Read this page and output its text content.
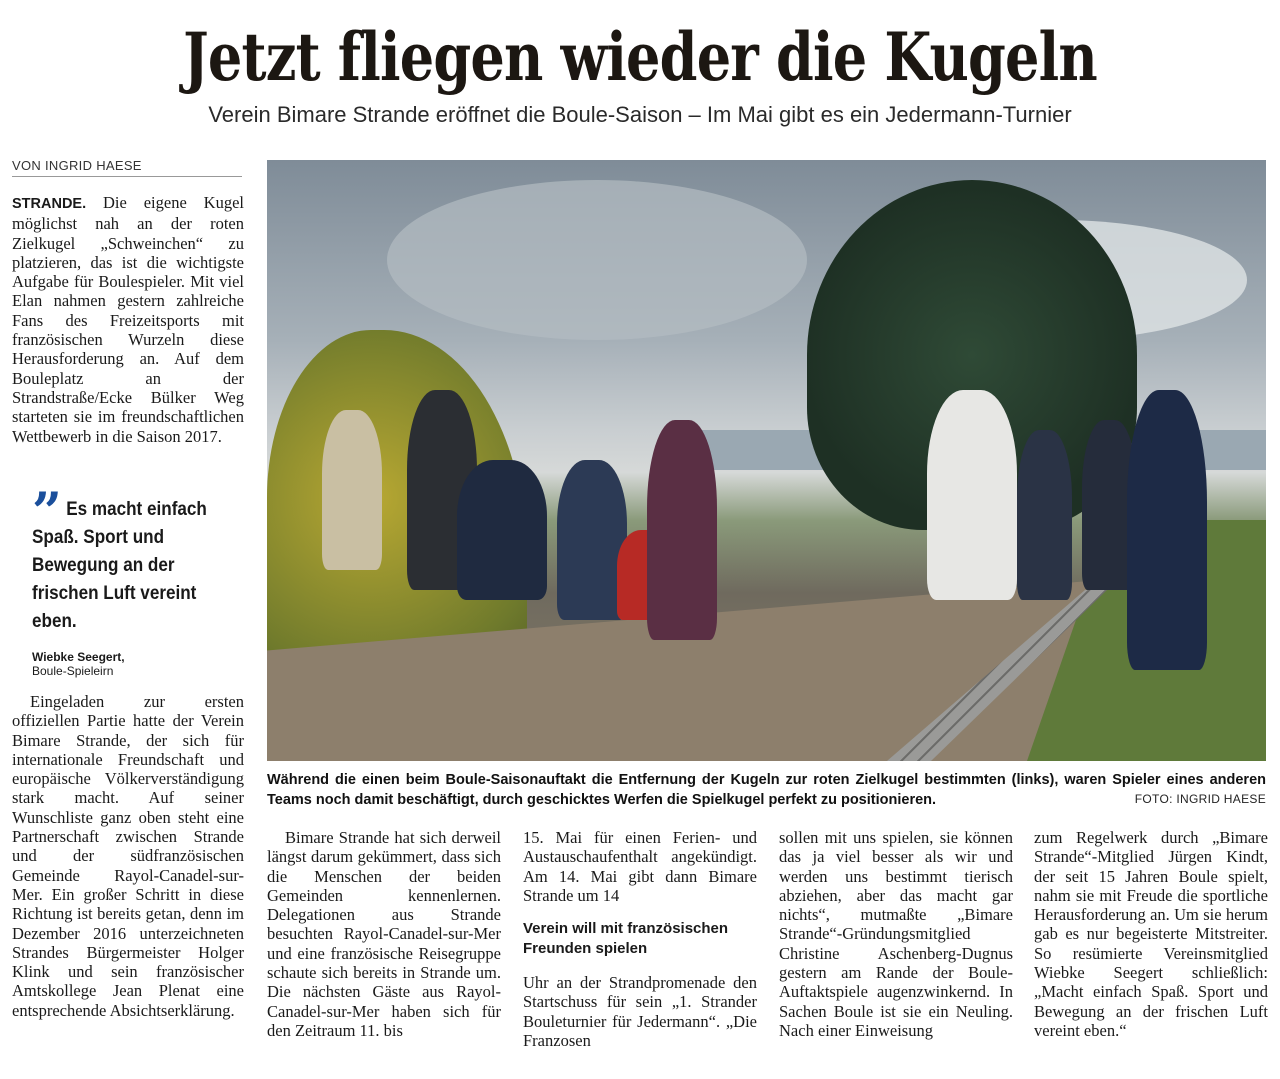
Jetzt fliegen wieder die Kugeln
Verein Bimare Strande eröffnet die Boule-Saison – Im Mai gibt es ein Jedermann-Turnier
VON INGRID HAESE

STRANDE. Die eigene Kugel möglichst nah an der roten Zielkugel „Schweinchen“ zu platzieren, das ist die wichtigste Aufgabe für Boulespieler. Mit viel Elan nahmen gestern zahlreiche Fans des Freizeitsports mit französischen Wurzeln diese Herausforderung an. Auf dem Bouleplatz an der Strandstraße/Ecke Bülker Weg starteten sie im freundschaftlichen Wettbewerb in die Saison 2017.

” Es macht einfach Spaß. Sport und Bewegung an der frischen Luft vereint eben.
Wiebke Seegert,
Boule-Spieleirn

Eingeladen zur ersten offiziellen Partie hatte der Verein Bimare Strande, der sich für internationale Freundschaft und europäische Völkerverständigung stark macht. Auf seiner Wunschliste ganz oben steht eine Partnerschaft zwischen Strande und der südfranzösischen Gemeinde Rayol-Canadel-sur-Mer. Ein großer Schritt in diese Richtung ist bereits getan, denn im Dezember 2016 unterzeichneten Strandes Bürgermeister Holger Klink und sein französischer Amtskollege Jean Plenat eine entsprechende Absichtserklärung.

Während die einen beim Boule-Saisonauftakt die Entfernung der Kugeln zur roten Zielkugel bestimmten (links), waren Spieler eines anderen Teams noch damit beschäftigt, durch geschicktes Werfen die Spielkugel perfekt zu positionieren.	FOTO: INGRID HAESE

Bimare Strande hat sich derweil längst darum gekümmert, dass sich die Menschen der beiden Gemeinden kennenlernen. Delegationen aus Strande besuchten Rayol-Canadel-sur-Mer und eine französische Reisegruppe schaute sich bereits in Strande um. Die nächsten Gäste aus Rayol-Canadel-sur-Mer haben sich für den Zeitraum 11. bis

15. Mai für einen Ferien- und Austauschaufenthalt angekündigt. Am 14. Mai gibt dann Bimare Strande um 14

Verein will mit französischen Freunden spielen

Uhr an der Strandpromenade den Startschuss für sein „1. Strander Bouleturnier für Jedermann“. „Die Franzosen

sollen mit uns spielen, sie können das ja viel besser als wir und werden uns bestimmt tierisch abziehen, aber das macht gar nichts“, mutmaßte „Bimare Strande“-Gründungsmitglied Christine Aschenberg-Dugnus gestern am Rande der Boule-Auftaktspiele augenzwinkernd. In Sachen Boule ist sie ein Neuling. Nach einer Einweisung

zum Regelwerk durch „Bimare Strande“-Mitglied Jürgen Kindt, der seit 15 Jahren Boule spielt, nahm sie mit Freude die sportliche Herausforderung an. Um sie herum gab es nur begeisterte Mitstreiter. So resümierte Vereinsmitglied Wiebke Seegert schließlich: „Macht einfach Spaß. Sport und Bewegung an der frischen Luft vereint eben.“
